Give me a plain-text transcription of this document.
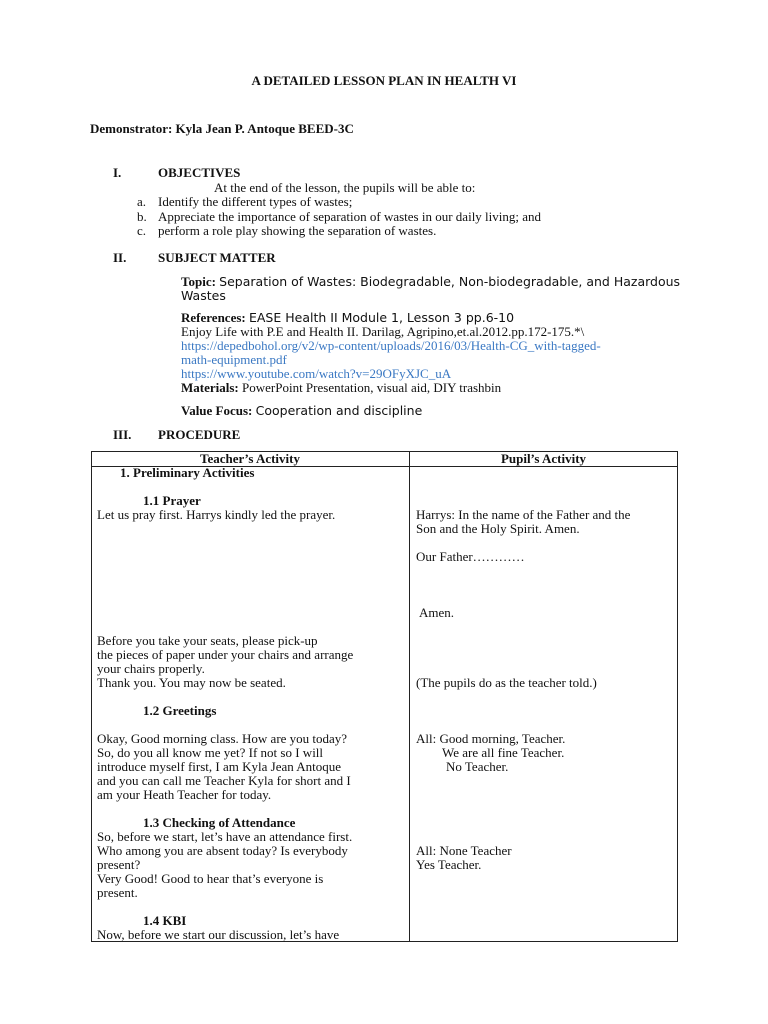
A DETAILED LESSON PLAN IN HEALTH VI
Demonstrator: Kyla Jean P. Antoque BEED-3C
I.	OBJECTIVES
At the end of the lesson, the pupils will be able to:
a. Identify the different types of wastes;
b. Appreciate the importance of separation of wastes in our daily living; and
c. perform a role play showing the separation of wastes.
II. SUBJECT MATTER
Topic: Separation of Wastes: Biodegradable, Non-biodegradable, and Hazardous
Wastes
References: EASE Health II Module 1, Lesson 3 pp.6-10
Enjoy Life with P.E and Health II. Darilag, Agripino,et.al.2012.pp.172-175.*\
https://depedbohol.org/v2/wp-content/uploads/2016/03/Health-CG_with-tagged-
math-equipment.pdf
https://www.youtube.com/watch?v=29OFyXJC_uA
Materials: PowerPoint Presentation, visual aid, DIY trashbin
Value Focus: Cooperation and discipline
III. PROCEDURE
Teacher’s Activity	Pupil’s Activity
1. Preliminary Activities
1.1 Prayer
Let us pray first. Harrys kindly led the prayer.
Before you take your seats, please pick-up
the pieces of paper under your chairs and arrange
your chairs properly.
Thank you. You may now be seated.
1.2 Greetings
Okay, Good morning class. How are you today?
So, do you all know me yet? If not so I will
introduce myself first, I am Kyla Jean Antoque
and you can call me Teacher Kyla for short and I
am your Heath Teacher for today.
1.3 Checking of Attendance
So, before we start, let’s have an attendance first.
Who among you are absent today? Is everybody
present?
Very Good! Good to hear that’s everyone is
present.
1.4 KBI
Now, before we start our discussion, let’s have
Harrys: In the name of the Father and the
Son and the Holy Spirit. Amen.
Our Father…………
Amen.
(The pupils do as the teacher told.)
All: Good morning, Teacher.
We are all fine Teacher.
No Teacher.
All: None Teacher
Yes Teacher.
